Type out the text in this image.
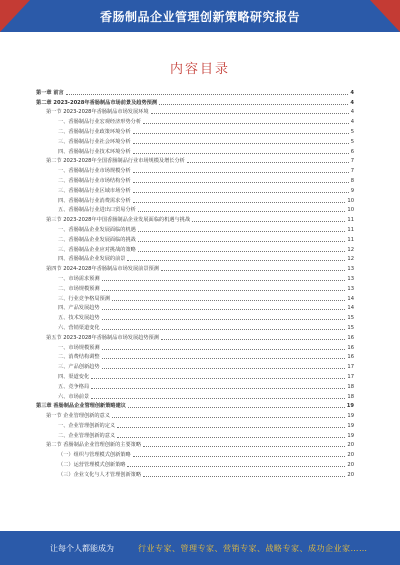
香肠制品企业管理创新策略研究报告
内容目录
第一章 前言	4
第二章 2023-2028年香肠制品市场前景及趋势预测	4
第一节 2023-2028年香肠制品市场发展环境	4
一、香肠制品行业宏观经济形势分析	4
二、香肠制品行业政策环境分析	5
三、香肠制品行业社会环境分析	5
四、香肠制品行业技术环境分析	6
第二节 2023-2028年全国香肠制品行业市场规模及增长分析	7
一、香肠制品行业市场规模分析	7
二、香肠制品行业市场结构分析	8
三、香肠制品行业区域市场分析	9
四、香肠制品行业消费需求分析	10
五、香肠制品行业进出口贸易分析	10
第三节 2023-2028年中国香肠制品企业发展面临的机遇与挑战	11
一、香肠制品企业发展面临的机遇	11
二、香肠制品企业发展面临的挑战	11
三、香肠制品企业应对挑战的策略	12
四、香肠制品企业发展的前景	12
第四节 2024-2028年香肠制品市场发展前景预测	13
一、市场需求预测	13
二、市场规模预测	13
三、行业竞争格局预测	14
四、产品发展趋势	14
五、技术发展趋势	15
六、营销渠道变化	15
第五节 2023-2028年香肠制品市场发展趋势预测	16
一、市场规模预测	16
二、消费结构调整	16
三、产品创新趋势	17
四、渠道变化	17
五、竞争格局	18
六、市场前景	18
第三章 香肠制品企业管理创新策略建议	19
第一节 企业管理创新的意义	19
一、企业管理创新的定义	19
二、企业管理创新的意义	19
第二节 香肠制品企业管理创新的主要策略	20
（一）组织与管理模式创新策略	20
（二）运营管理模式创新策略	20
（三）企业文化与人才管理创新策略	20
让每个人都能成为	行业专家、管理专家、营销专家、战略专家、成功企业家……
